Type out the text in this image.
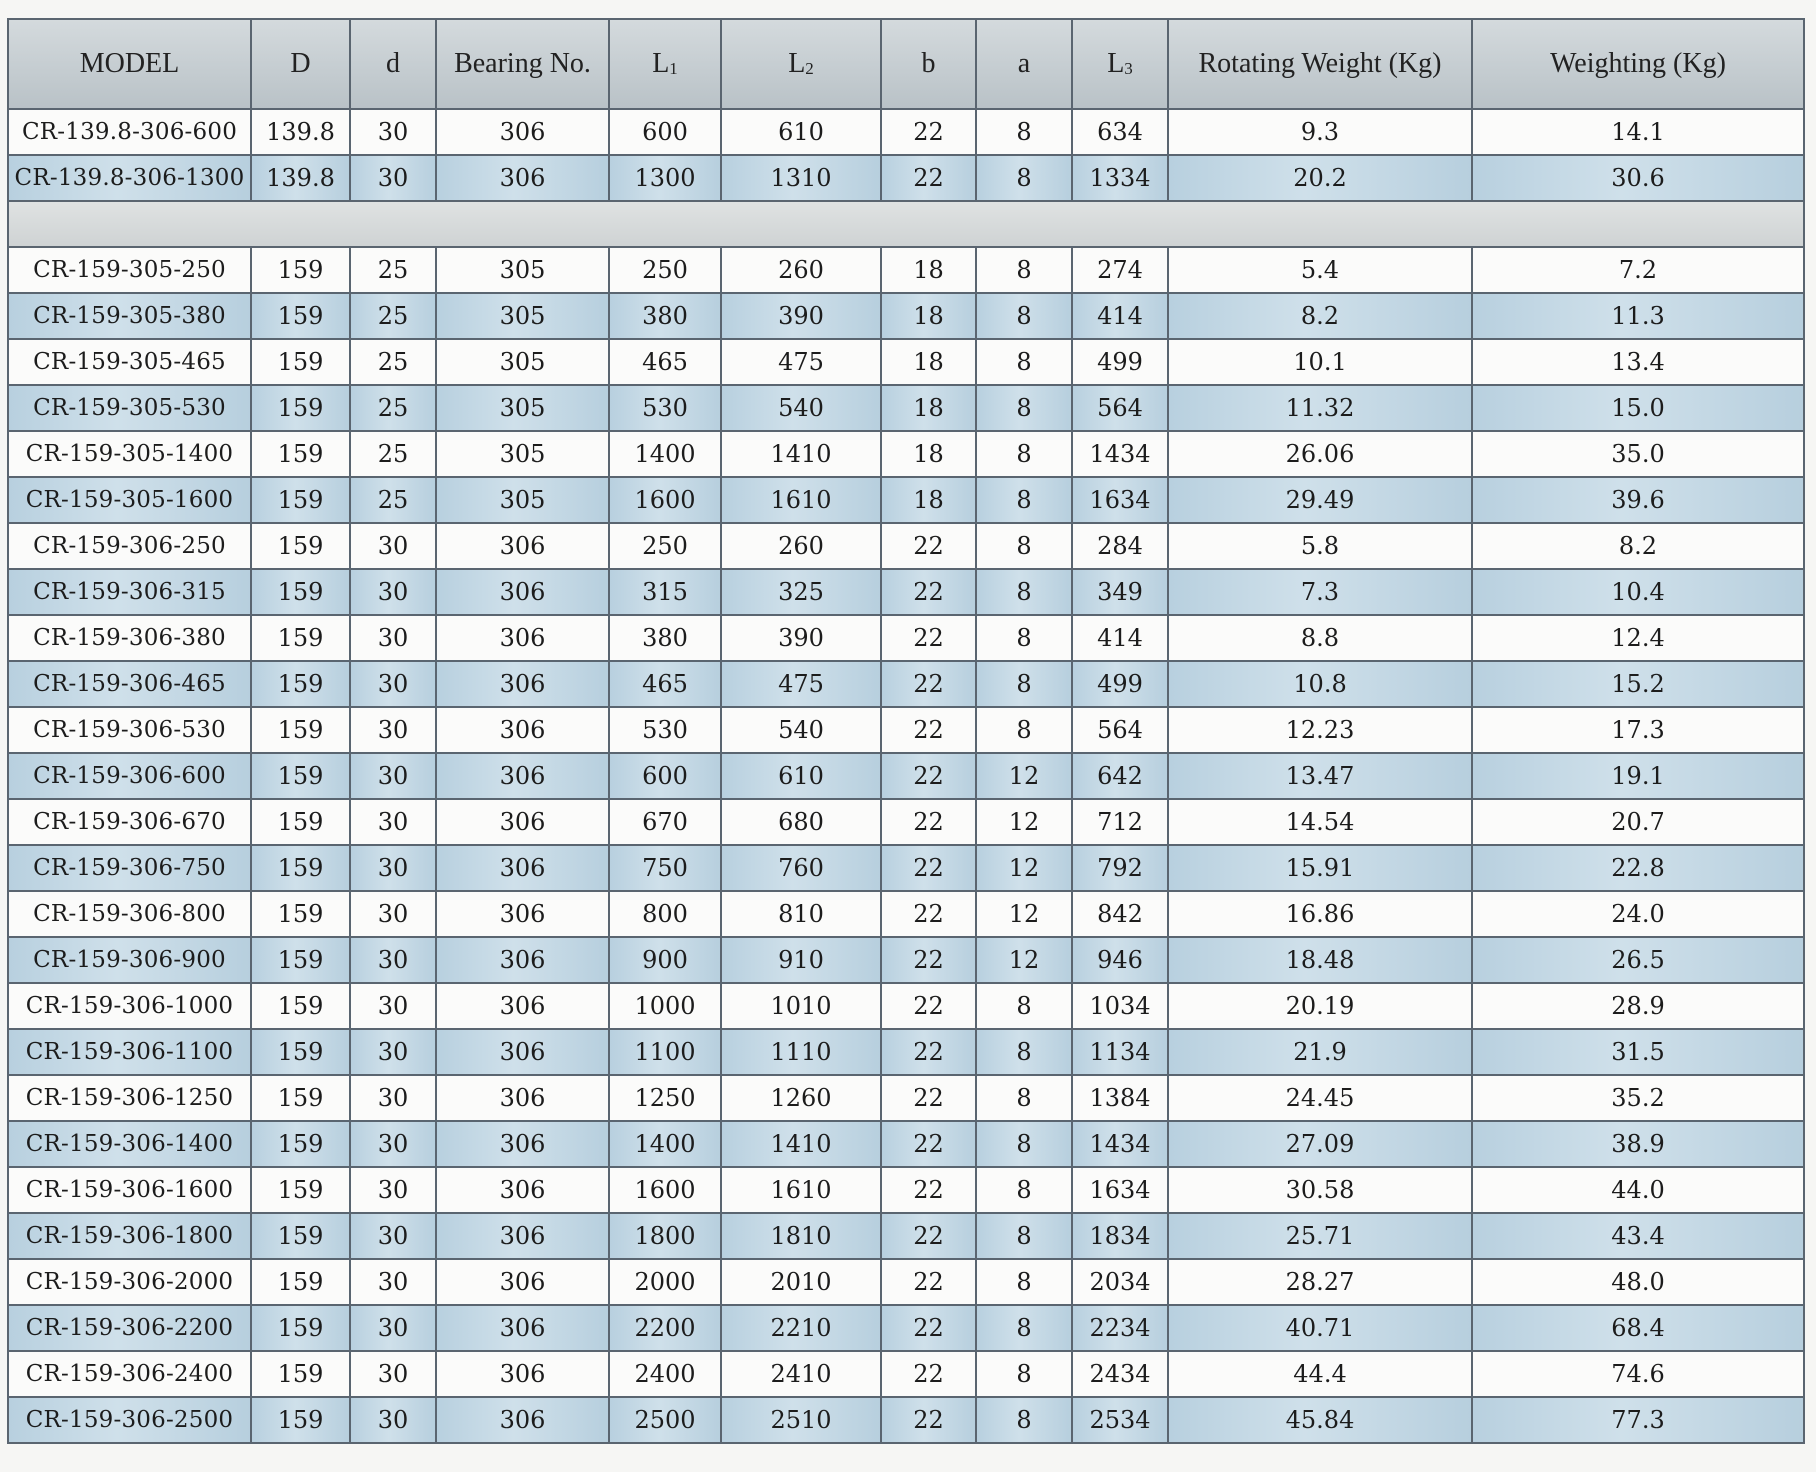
MODEL	D	d	Bearing No.	L1	L2	b	a	L3	Rotating Weight (Kg)	Weighting (Kg)
CR-139.8-306-600	139.8	30	306	600	610	22	8	634	9.3	14.1
CR-139.8-306-1300	139.8	30	306	1300	1310	22	8	1334	20.2	30.6

CR-159-305-250	159	25	305	250	260	18	8	274	5.4	7.2
CR-159-305-380	159	25	305	380	390	18	8	414	8.2	11.3
CR-159-305-465	159	25	305	465	475	18	8	499	10.1	13.4
CR-159-305-530	159	25	305	530	540	18	8	564	11.32	15.0
CR-159-305-1400	159	25	305	1400	1410	18	8	1434	26.06	35.0
CR-159-305-1600	159	25	305	1600	1610	18	8	1634	29.49	39.6
CR-159-306-250	159	30	306	250	260	22	8	284	5.8	8.2
CR-159-306-315	159	30	306	315	325	22	8	349	7.3	10.4
CR-159-306-380	159	30	306	380	390	22	8	414	8.8	12.4
CR-159-306-465	159	30	306	465	475	22	8	499	10.8	15.2
CR-159-306-530	159	30	306	530	540	22	8	564	12.23	17.3
CR-159-306-600	159	30	306	600	610	22	12	642	13.47	19.1
CR-159-306-670	159	30	306	670	680	22	12	712	14.54	20.7
CR-159-306-750	159	30	306	750	760	22	12	792	15.91	22.8
CR-159-306-800	159	30	306	800	810	22	12	842	16.86	24.0
CR-159-306-900	159	30	306	900	910	22	12	946	18.48	26.5
CR-159-306-1000	159	30	306	1000	1010	22	8	1034	20.19	28.9
CR-159-306-1100	159	30	306	1100	1110	22	8	1134	21.9	31.5
CR-159-306-1250	159	30	306	1250	1260	22	8	1384	24.45	35.2
CR-159-306-1400	159	30	306	1400	1410	22	8	1434	27.09	38.9
CR-159-306-1600	159	30	306	1600	1610	22	8	1634	30.58	44.0
CR-159-306-1800	159	30	306	1800	1810	22	8	1834	25.71	43.4
CR-159-306-2000	159	30	306	2000	2010	22	8	2034	28.27	48.0
CR-159-306-2200	159	30	306	2200	2210	22	8	2234	40.71	68.4
CR-159-306-2400	159	30	306	2400	2410	22	8	2434	44.4	74.6
CR-159-306-2500	159	30	306	2500	2510	22	8	2534	45.84	77.3
